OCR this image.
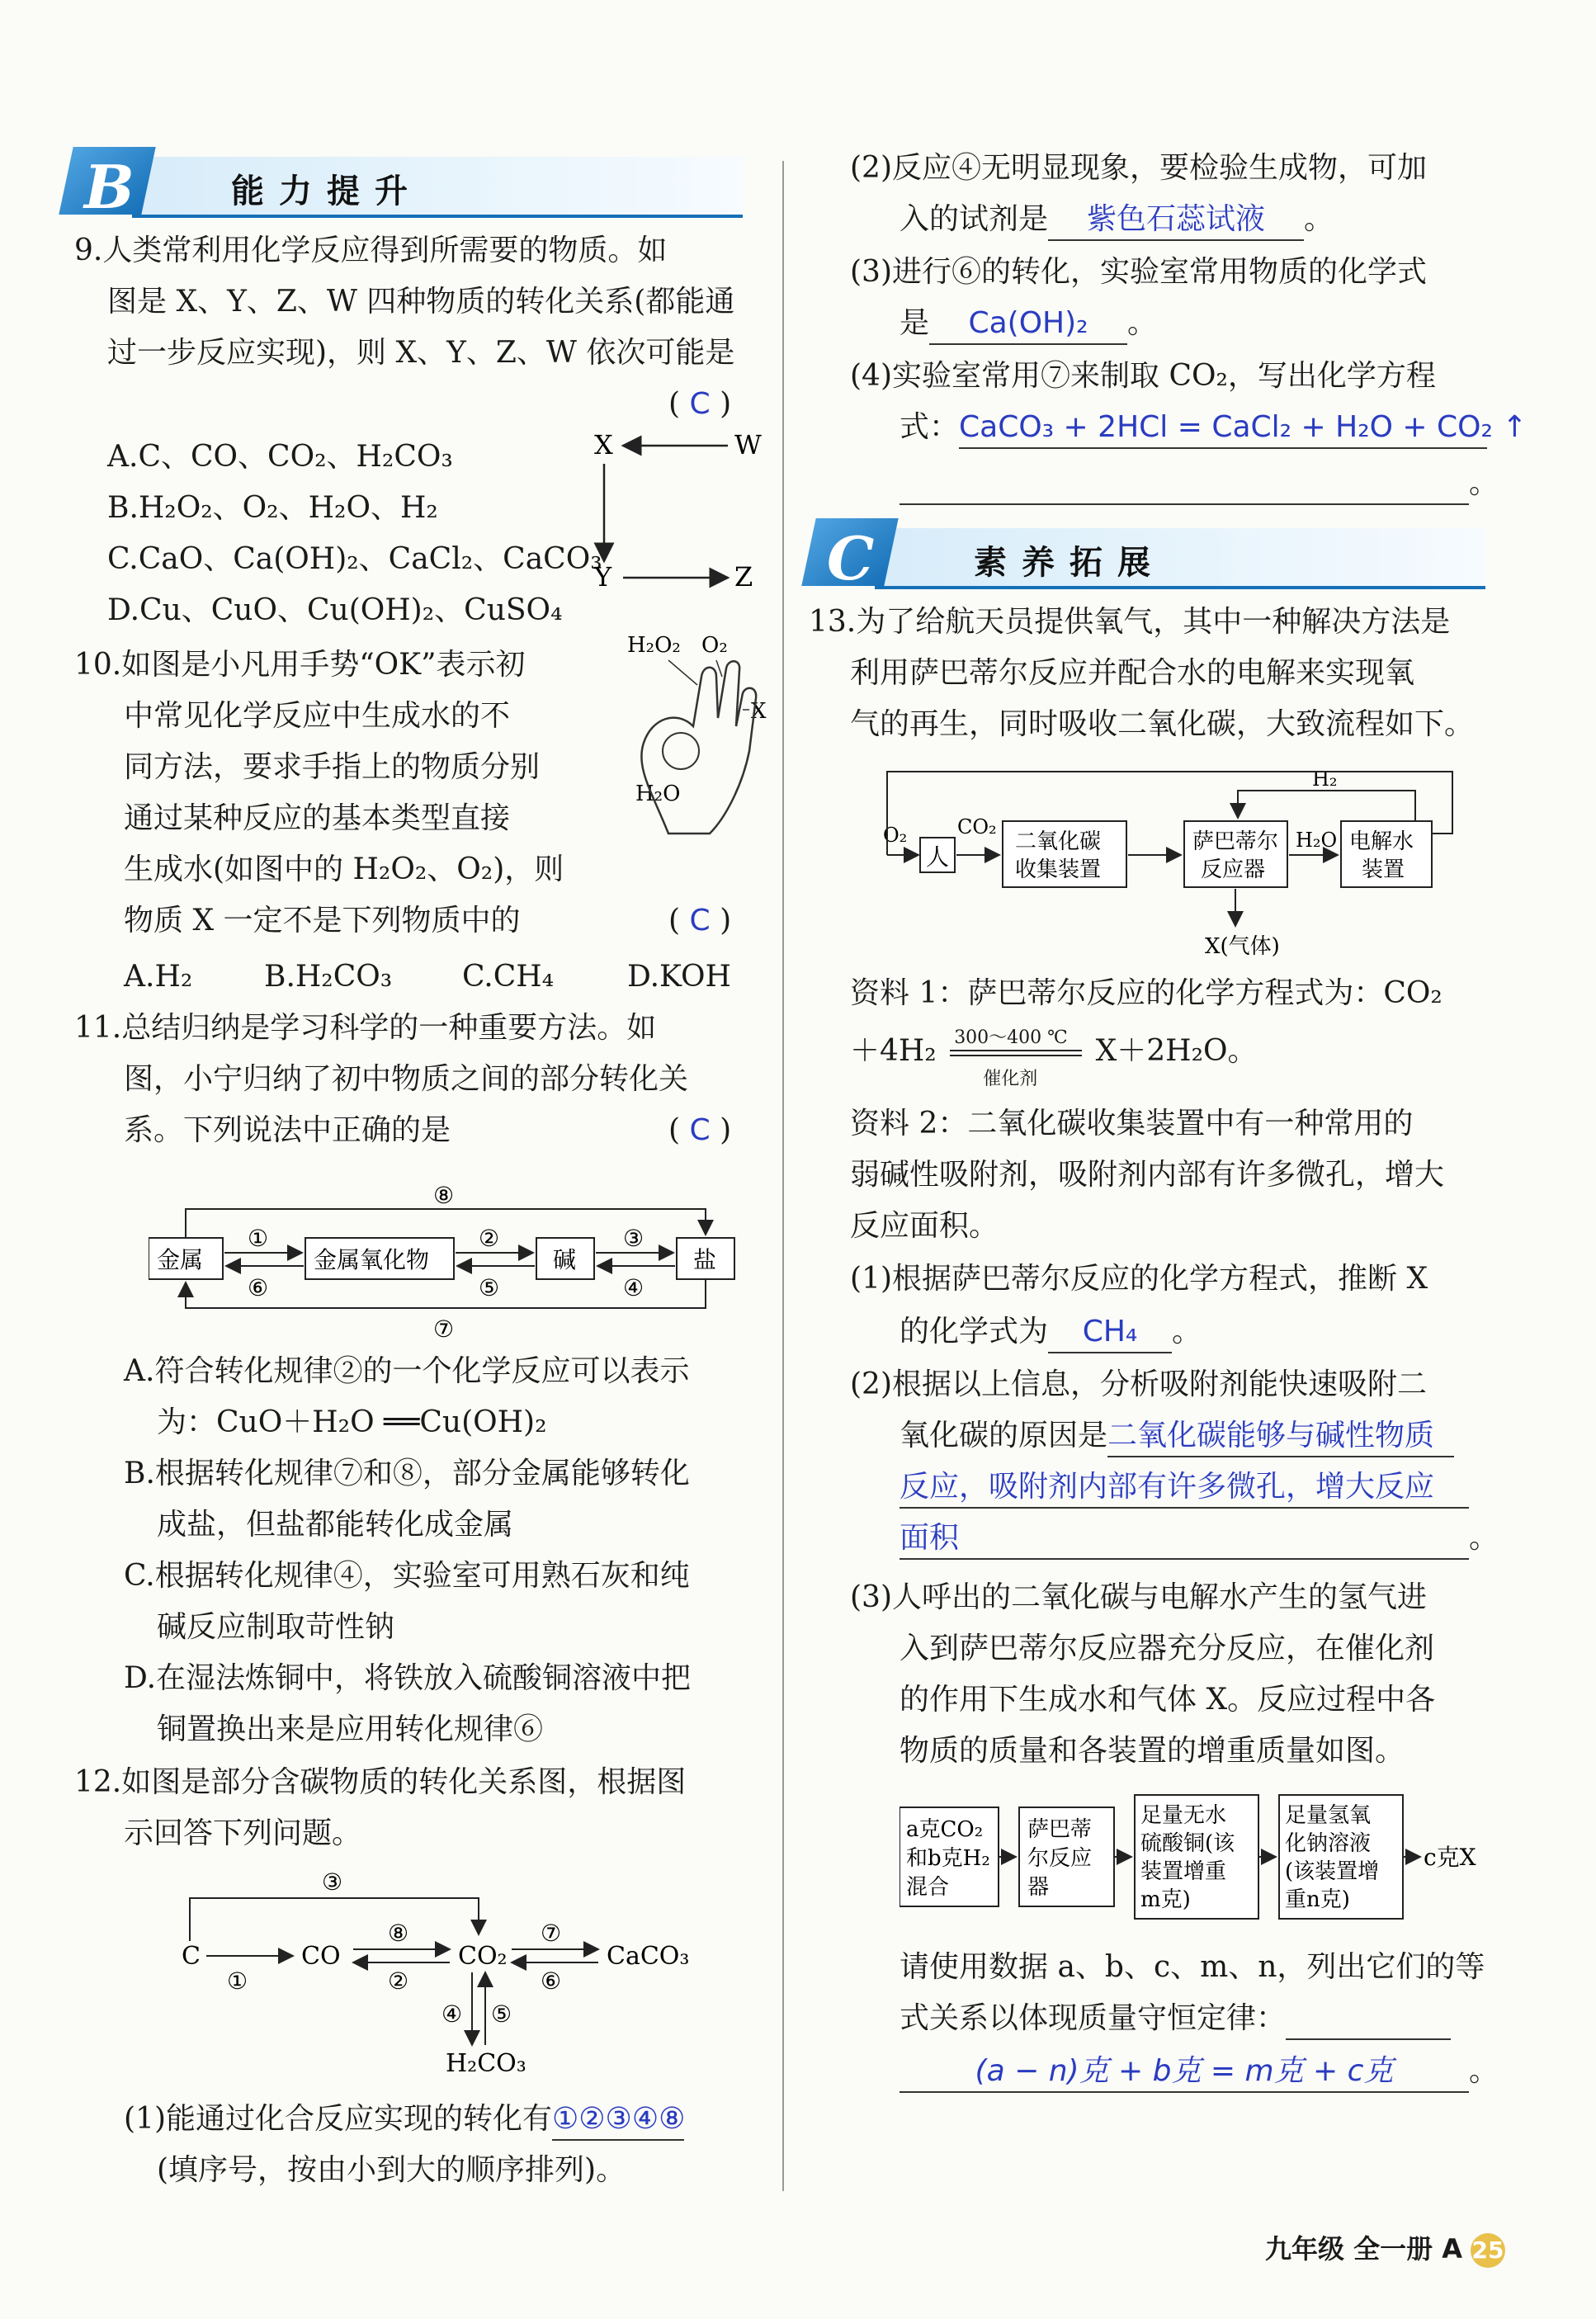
B	能力提升
9.人类常利用化学反应得到所需要的物质。如
图是 X、Y、Z、W 四种物质的转化关系(都能通
过一步反应实现)，则 X、Y、Z、W 依次可能是
( C )
A.C、CO、CO₂、H₂CO₃
B.H₂O₂、O₂、H₂O、H₂
C.CaO、Ca(OH)₂、CaCl₂、CaCO₃
D.Cu、CuO、Cu(OH)₂、CuSO₄
X	W
Y	Z
10.如图是小凡用手势“OK”表示初
中常见化学反应中生成水的不
同方法，要求手指上的物质分别
通过某种反应的基本类型直接
生成水(如图中的 H₂O₂、O₂)，则
物质 X 一定不是下列物质中的	( C )
A.H₂ B.H₂CO₃ C.CH₄ D.KOH
H₂O₂ O₂
X
H₂O
11.总结归纳是学习科学的一种重要方法。如
图，小宁归纳了初中物质之间的部分转化关
系。下列说法中正确的是	( C )
金属	金属氧化物	碱	盐
①	②	③
④
⑤
⑥
⑦
⑧
A.符合转化规律②的一个化学反应可以表示
为：CuO＋H₂O ══Cu(OH)₂
B.根据转化规律⑦和⑧，部分金属能够转化
成盐，但盐都能转化成金属
C.根据转化规律④，实验室可用熟石灰和纯
碱反应制取苛性钠
D.在湿法炼铜中，将铁放入硫酸铜溶液中把
铜置换出来是应用转化规律⑥
12.如图是部分含碳物质的转化关系图，根据图
示回答下列问题。
C	CO	CO₂	CaCO₃
H₂CO₃
③
①
⑧
②
⑦
⑥
④ ⑤
(1)能通过化合反应实现的转化有①②③④⑧
(填序号，按由小到大的顺序排列)。
(2)反应④无明显现象，要检验生成物，可加
入的试剂是 紫色石蕊试液 。
(3)进行⑥的转化，实验室常用物质的化学式
是 Ca(OH)₂ 。
(4)实验室常用⑦来制取 CO₂，写出化学方程
式：CaCO₃ + 2HCl = CaCl₂ + H₂O + CO₂ ↑
。
C	素养拓展
13.为了给航天员提供氧气，其中一种解决方法是
利用萨巴蒂尔反应并配合水的电解来实现氧
气的再生，同时吸收二氧化碳，大致流程如下。
人
二氧化碳
收集装置
萨巴蒂尔
反应器
电解水
装置
O₂	CO₂
H₂O
H₂
X(气体)
资料 1：萨巴蒂尔反应的化学方程式为：CO₂
＋4H₂ 300～400 ℃
催化剂
X＋2H₂O。
资料 2：二氧化碳收集装置中有一种常用的
弱碱性吸附剂，吸附剂内部有许多微孔，增大
反应面积。
(1)根据萨巴蒂尔反应的化学方程式，推断 X
的化学式为 CH₄ 。
(2)根据以上信息，分析吸附剂能快速吸附二
氧化碳的原因是二氧化碳能够与碱性物质
反应，吸附剂内部有许多微孔，增大反应
面积	。
(3)人呼出的二氧化碳与电解水产生的氢气进
入到萨巴蒂尔反应器充分反应，在催化剂
的作用下生成水和气体 X。反应过程中各
物质的质量和各装置的增重质量如图。
a克CO₂
和b克H₂
混合
萨巴蒂
尔反应
器
足量无水
硫酸铜(该
装置增重
m克)
足量氢氧
化钠溶液
(该装置增
重n克)
c克X
请使用数据 a、b、c、m、n，列出它们的等
式关系以体现质量守恒定律：
(a − n)克 + b克 = m克 + c克	。
九年级 全一册 A 25
